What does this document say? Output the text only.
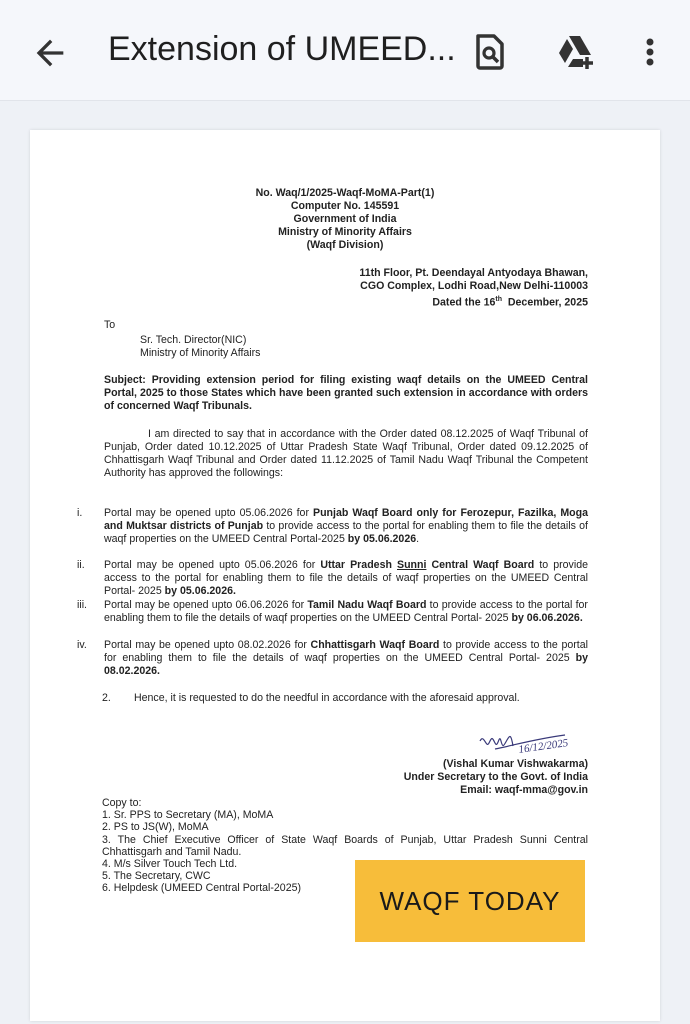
Extension of UMEED...
No. Waq/1/2025-Waqf-MoMA-Part(1)
Computer No. 145591
Government of India
Ministry of Minority Affairs
(Waqf Division)
11th Floor, Pt. Deendayal Antyodaya Bhawan,
CGO Complex, Lodhi Road,New Delhi-110003
Dated the 16th  December, 2025
To
Sr. Tech. Director(NIC)
Ministry of Minority Affairs
Subject: Providing extension period for filing existing waqf details on the UMEED Central Portal, 2025 to those States which have been granted such extension in accordance with orders of concerned Waqf Tribunals.
I am directed to say that in accordance with the Order dated 08.12.2025 of Waqf Tribunal of Punjab, Order dated 10.12.2025 of Uttar Pradesh State Waqf Tribunal, Order dated 09.12.2025 of Chhattisgarh Waqf Tribunal and Order dated 11.12.2025 of Tamil Nadu Waqf Tribunal the Competent Authority has approved the followings:
i.	Portal may be opened upto 05.06.2026 for Punjab Waqf Board only for Ferozepur, Fazilka, Moga and Muktsar districts of Punjab to provide access to the portal for enabling them to file the details of waqf properties on the UMEED Central Portal-2025 by 05.06.2026.
ii.	Portal may be opened upto 05.06.2026 for Uttar Pradesh Sunni Central Waqf Board to provide access to the portal for enabling them to file the details of waqf properties on the UMEED Central Portal- 2025 by 05.06.2026.
iii.	Portal may be opened upto 06.06.2026 for Tamil Nadu Waqf Board to provide access to the portal for enabling them to file the details of waqf properties on the UMEED Central Portal- 2025 by 06.06.2026.
iv.	Portal may be opened upto 08.02.2026 for Chhattisgarh Waqf Board to provide access to the portal for enabling them to file the details of waqf properties on the UMEED Central Portal- 2025 by 08.02.2026.
2. Hence, it is requested to do the needful in accordance with the aforesaid approval.
16/12/2025
(Vishal Kumar Vishwakarma)
Under Secretary to the Govt. of India
Email: waqf-mma@gov.in
Copy to:
1. Sr. PPS to Secretary (MA), MoMA
2. PS to JS(W), MoMA
3. The Chief Executive Officer of State Waqf Boards of Punjab, Uttar Pradesh Sunni Central Chhattisgarh and Tamil Nadu.
4. M/s Silver Touch Tech Ltd.
5. The Secretary, CWC
6. Helpdesk (UMEED Central Portal-2025)	WAQF TODAY
